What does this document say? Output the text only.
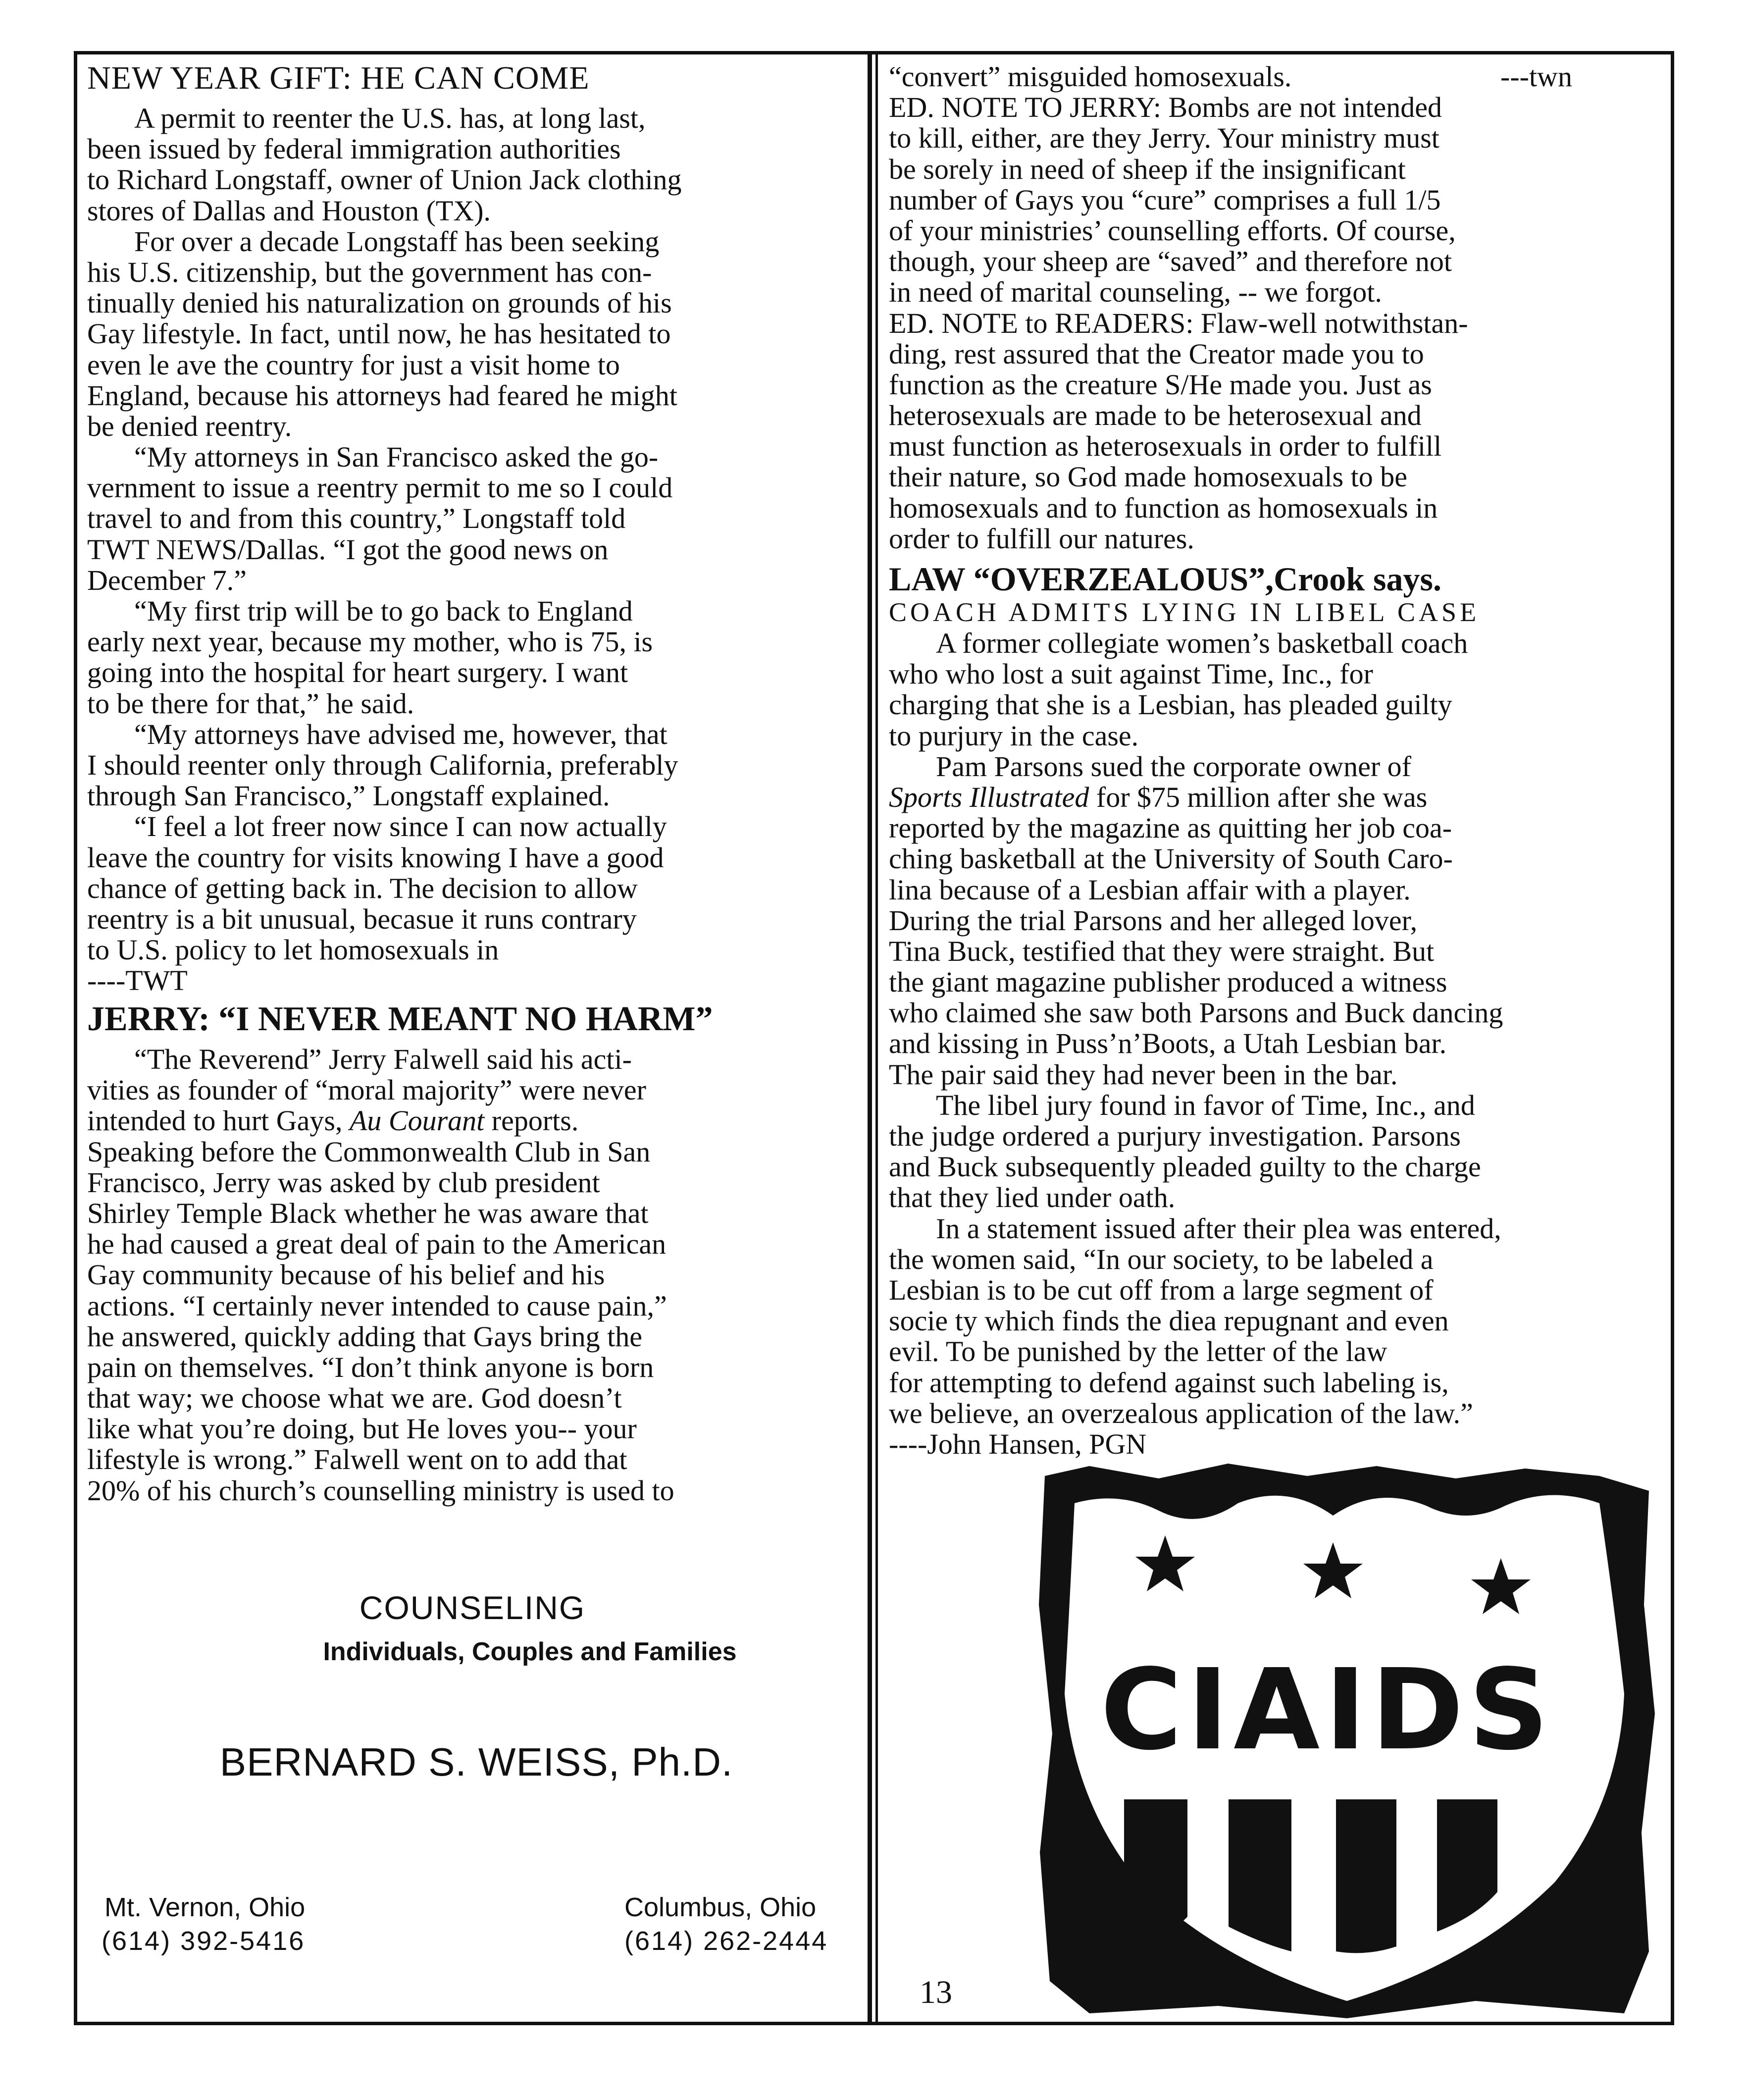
NEW YEAR GIFT: HE CAN COME
A permit to reenter the U.S. has, at long last,
been issued by federal immigration authorities
to Richard Longstaff, owner of Union Jack clothing
stores of Dallas and Houston (TX).
For over a decade Longstaff has been seeking
his U.S. citizenship, but the government has con-
tinually denied his naturalization on grounds of his
Gay lifestyle. In fact, until now, he has hesitated to
even le ave the country for just a visit home to
England, because his attorneys had feared he might
be denied reentry.
“My attorneys in San Francisco asked the go-
vernment to issue a reentry permit to me so I could
travel to and from this country,” Longstaff told
TWT NEWS/Dallas. “I got the good news on
December 7.”
“My first trip will be to go back to England
early next year, because my mother, who is 75, is
going into the hospital for heart surgery. I want
to be there for that,” he said.
“My attorneys have advised me, however, that
I should reenter only through California, preferably
through San Francisco,” Longstaff explained.
“I feel a lot freer now since I can now actually
leave the country for visits knowing I have a good
chance of getting back in. The decision to allow
reentry is a bit unusual, becasue it runs contrary
to U.S. policy to let homosexuals in
----TWT
JERRY: “I NEVER MEANT NO HARM”
“The Reverend” Jerry Falwell said his acti-
vities as founder of “moral majority” were never
intended to hurt Gays, Au Courant reports.
Speaking before the Commonwealth Club in San
Francisco, Jerry was asked by club president
Shirley Temple Black whether he was aware that
he had caused a great deal of pain to the American
Gay community because of his belief and his
actions. “I certainly never intended to cause pain,”
he answered, quickly adding that Gays bring the
pain on themselves. “I don’t think anyone is born
that way; we choose what we are. God doesn’t
like what you’re doing, but He loves you-- your
lifestyle is wrong.” Falwell went on to add that
20% of his church’s counselling ministry is used to
COUNSELING
Individuals, Couples and Families
BERNARD S. WEISS, Ph.D.
Mt. Vernon, Ohio
(614) 392-5416
Columbus, Ohio
(614) 262-2444
“convert” misguided homosexuals.
ED. NOTE TO JERRY: Bombs are not intended
to kill, either, are they Jerry. Your ministry must
be sorely in need of sheep if the insignificant
number of Gays you “cure” comprises a full 1/5
of your ministries’ counselling efforts. Of course,
though, your sheep are “saved” and therefore not
in need of marital counseling, -- we forgot.
ED. NOTE to READERS: Flaw-well notwithstan-
ding, rest assured that the Creator made you to
function as the creature S/He made you. Just as
heterosexuals are made to be heterosexual and
must function as heterosexuals in order to fulfill
their nature, so God made homosexuals to be
homosexuals and to function as homosexuals in
order to fulfill our natures.
---twn
LAW “OVERZEALOUS”,Crook says.
COACH ADMITS LYING IN LIBEL CASE
A former collegiate women’s basketball coach
who who lost a suit against Time, Inc., for
charging that she is a Lesbian, has pleaded guilty
to purjury in the case.
Pam Parsons sued the corporate owner of
Sports Illustrated for $75 million after she was
reported by the magazine as quitting her job coa-
ching basketball at the University of South Caro-
lina because of a Lesbian affair with a player.
During the trial Parsons and her alleged lover,
Tina Buck, testified that they were straight. But
the giant magazine publisher produced a witness
who claimed she saw both Parsons and Buck dancing
and kissing in Puss’n’Boots, a Utah Lesbian bar.
The pair said they had never been in the bar.
The libel jury found in favor of Time, Inc., and
the judge ordered a purjury investigation. Parsons
and Buck subsequently pleaded guilty to the charge
that they lied under oath.
In a statement issued after their plea was entered,
the women said, “In our society, to be labeled a
Lesbian is to be cut off from a large segment of
socie ty which finds the diea repugnant and even
evil. To be punished by the letter of the law
for attempting to defend against such labeling is,
we believe, an overzealous application of the law.”
----John Hansen, PGN
13
CIAIDS
